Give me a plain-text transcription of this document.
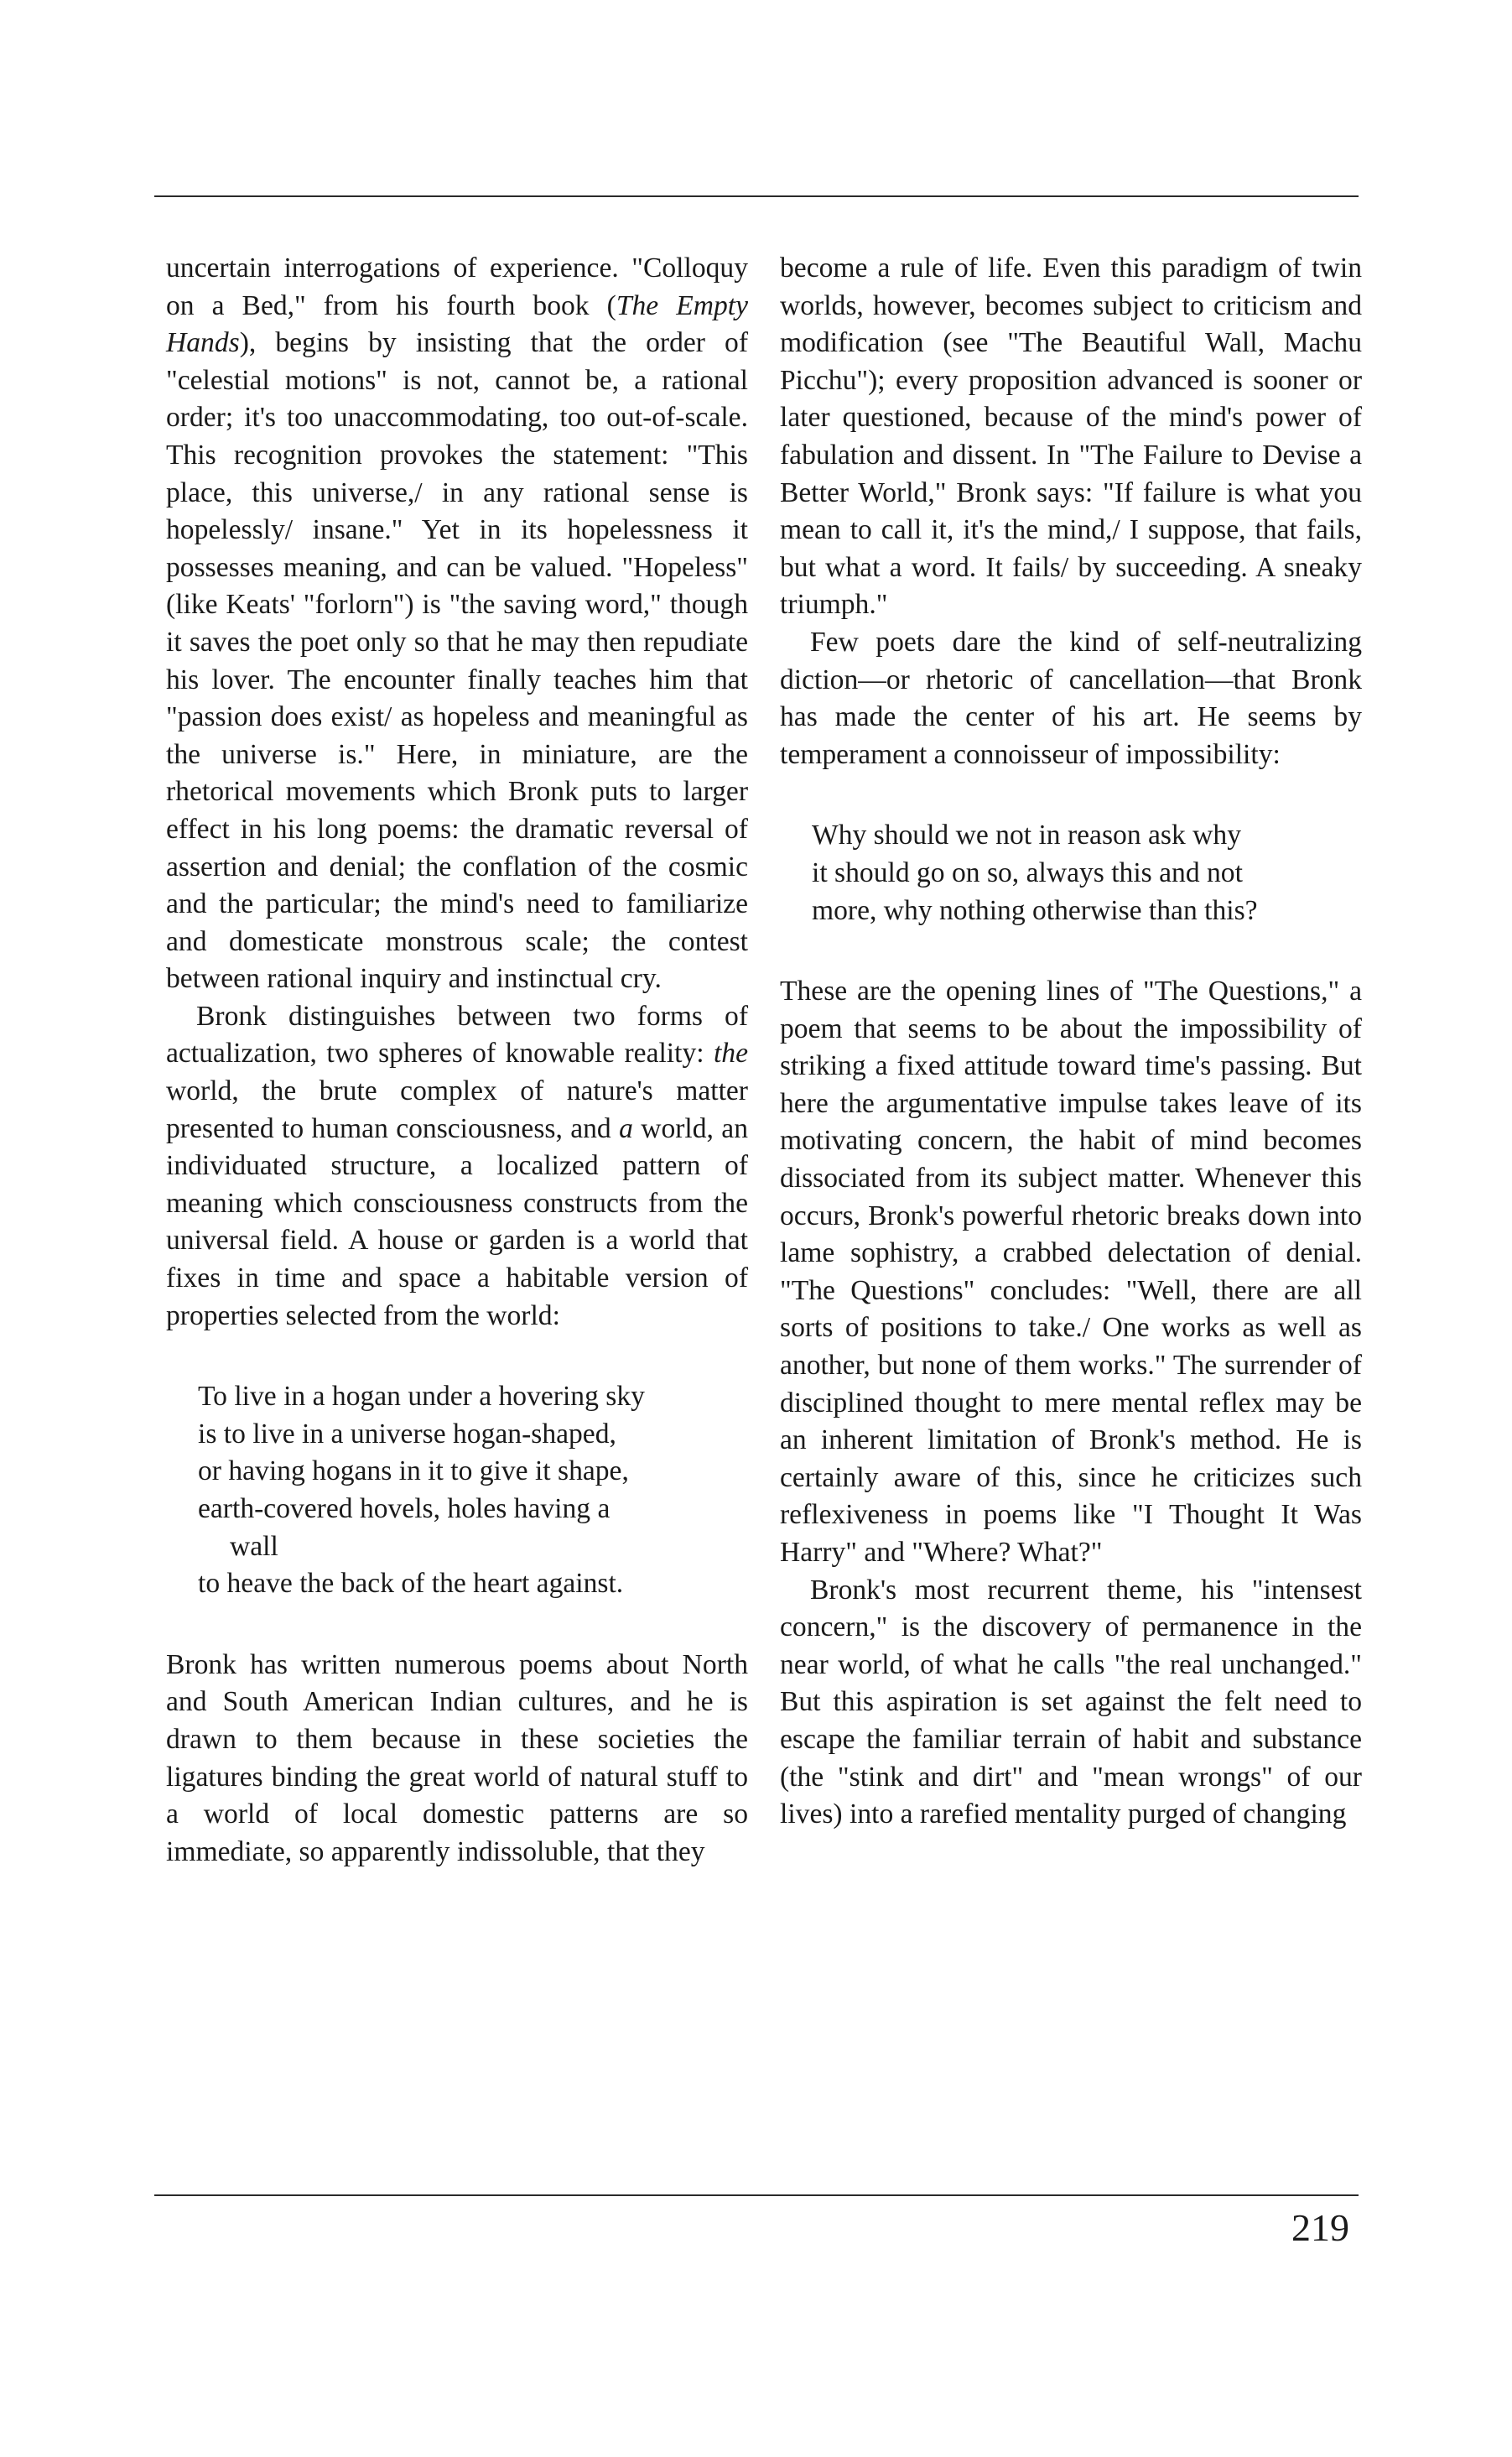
uncertain interrogations of experience. "Colloquy on a Bed," from his fourth book (The Empty Hands), begins by insisting that the order of "celestial motions" is not, cannot be, a rational order; it's too unaccommodating, too out-of-scale. This recognition provokes the statement: "This place, this universe,/ in any rational sense is hopelessly/ insane." Yet in its hopelessness it possesses meaning, and can be valued. "Hopeless" (like Keats' "forlorn") is "the saving word," though it saves the poet only so that he may then repudiate his lover. The encounter finally teaches him that "passion does exist/ as hopeless and meaningful as the universe is." Here, in miniature, are the rhetorical movements which Bronk puts to larger effect in his long poems: the dramatic reversal of assertion and denial; the conflation of the cosmic and the particular; the mind's need to familiarize and domesticate monstrous scale; the contest between rational inquiry and instinctual cry.

Bronk distinguishes between two forms of actualization, two spheres of knowable reality: the world, the brute complex of nature's matter presented to human consciousness, and a world, an individuated structure, a localized pattern of meaning which consciousness constructs from the universal field. A house or garden is a world that fixes in time and space a habitable version of properties selected from the world:

To live in a hogan under a hovering sky
is to live in a universe hogan-shaped,
or having hogans in it to give it shape,
earth-covered hovels, holes having a
wall
to heave the back of the heart against.

Bronk has written numerous poems about North and South American Indian cultures, and he is drawn to them because in these societies the ligatures binding the great world of natural stuff to a world of local domestic patterns are so immediate, so apparently indissoluble, that they

become a rule of life. Even this paradigm of twin worlds, however, becomes subject to criticism and modification (see "The Beautiful Wall, Machu Picchu"); every proposition advanced is sooner or later questioned, because of the mind's power of fabulation and dissent. In "The Failure to Devise a Better World," Bronk says: "If failure is what you mean to call it, it's the mind,/ I suppose, that fails, but what a word. It fails/ by succeeding. A sneaky triumph."

Few poets dare the kind of self-neutralizing diction—or rhetoric of cancellation—that Bronk has made the center of his art. He seems by temperament a connoisseur of impossibility:

Why should we not in reason ask why
it should go on so, always this and not
more, why nothing otherwise than this?

These are the opening lines of "The Questions," a poem that seems to be about the impossibility of striking a fixed attitude toward time's passing. But here the argumentative impulse takes leave of its motivating concern, the habit of mind becomes dissociated from its subject matter. Whenever this occurs, Bronk's powerful rhetoric breaks down into lame sophistry, a crabbed delectation of denial. "The Questions" concludes: "Well, there are all sorts of positions to take./ One works as well as another, but none of them works." The surrender of disciplined thought to mere mental reflex may be an inherent limitation of Bronk's method. He is certainly aware of this, since he criticizes such reflexiveness in poems like "I Thought It Was Harry" and "Where? What?"

Bronk's most recurrent theme, his "intensest concern," is the discovery of permanence in the near world, of what he calls "the real unchanged." But this aspiration is set against the felt need to escape the familiar terrain of habit and substance (the "stink and dirt" and "mean wrongs" of our lives) into a rarefied mentality purged of changing

219
